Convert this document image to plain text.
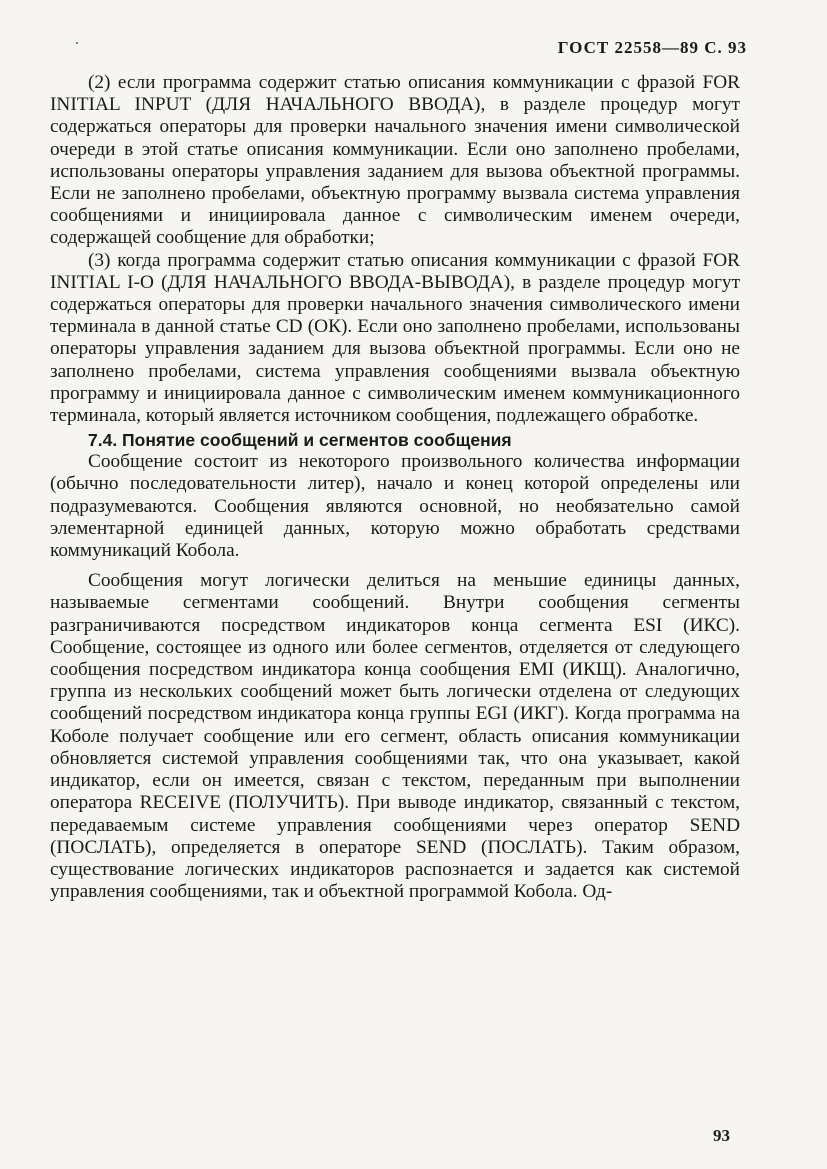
ГОСТ 22558—89 С. 93

(2) если программа содержит статью описания коммуникации с фразой FOR INITIAL INPUT (ДЛЯ НАЧАЛЬНОГО ВВОДА), в разделе процедур могут содержаться операторы для проверки начального значения имени символической очереди в этой статье описания коммуникации. Если оно заполнено пробелами, использованы операторы управления заданием для вызова объектной программы. Если не заполнено пробелами, объектную программу вызвала система управления сообщениями и инициировала данное с символическим именем очереди, содержащей сообщение для обработки;

(3) когда программа содержит статью описания коммуникации с фразой FOR INITIAL I-O (ДЛЯ НАЧАЛЬНОГО ВВОДА-ВЫВОДА), в разделе процедур могут содержаться операторы для проверки начального значения символического имени терминала в данной статье CD (ОК). Если оно заполнено пробелами, использованы операторы управления заданием для вызова объектной программы. Если оно не заполнено пробелами, система управления сообщениями вызвала объектную программу и инициировала данное с символическим именем коммуникационного терминала, который является источником сообщения, подлежащего обработке.

7.4. Понятие сообщений и сегментов сообщения

Сообщение состоит из некоторого произвольного количества информации (обычно последовательности литер), начало и конец которой определены или подразумеваются. Сообщения являются основной, но необязательно самой элементарной единицей данных, которую можно обработать средствами коммуникаций Кобола.

Сообщения могут логически делиться на меньшие единицы данных, называемые сегментами сообщений. Внутри сообщения сегменты разграничиваются посредством индикаторов конца сегмента ESI (ИКС). Сообщение, состоящее из одного или более сегментов, отделяется от следующего сообщения посредством индикатора конца сообщения EMI (ИКЩ). Аналогично, группа из нескольких сообщений может быть логически отделена от следующих сообщений посредством индикатора конца группы EGI (ИКГ). Когда программа на Коболе получает сообщение или его сегмент, область описания коммуникации обновляется системой управления сообщениями так, что она указывает, какой индикатор, если он имеется, связан с текстом, переданным при выполнении оператора RECEIVE (ПОЛУЧИТЬ). При выводе индикатор, связанный с текстом, передаваемым системе управления сообщениями через оператор SEND (ПОСЛАТЬ), определяется в операторе SEND (ПОСЛАТЬ). Таким образом, существование логических индикаторов распознается и задается как системой управления сообщениями, так и объектной программой Кобола. Од-

93
